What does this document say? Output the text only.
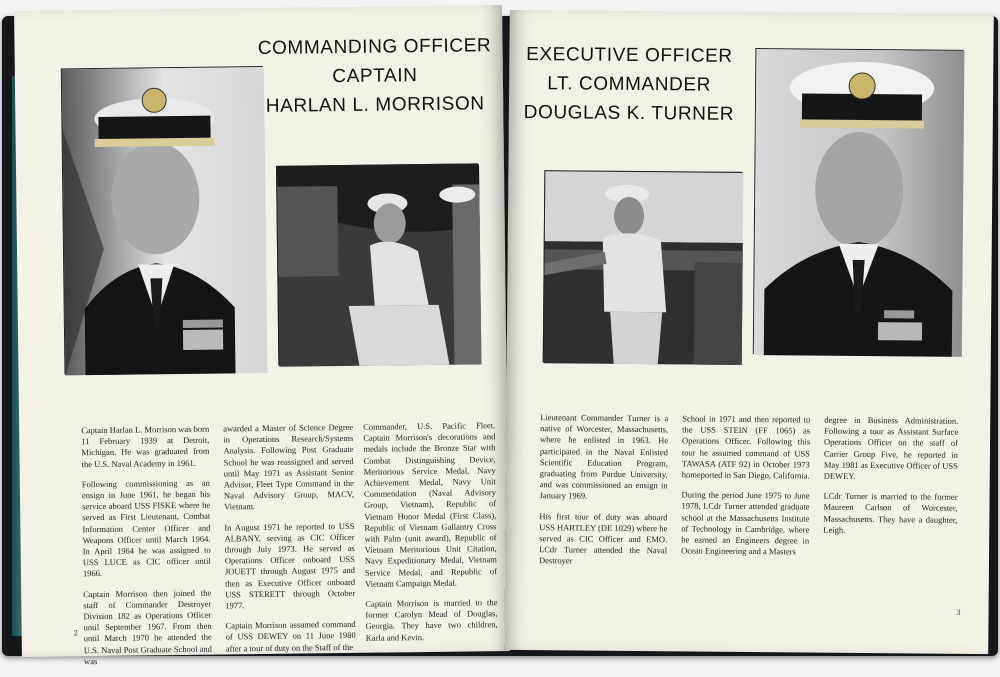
COMMANDING OFFICER
CAPTAIN
HARLAN L. MORRISON

Captain Harlan L. Morrison was born 11 February 1939 at Detroit, Michigan. He was graduated from the U.S. Naval Academy in 1961.

Following commissioning as an ensign in June 1961, he began his service aboard USS FISKE where he served as First Lieutenant, Combat Information Center Officer and Weapons Officer until March 1964. In April 1964 he was assigned to USS LUCE as CIC officer until 1966.

Captain Morrison then joined the staff of Commander Destroyer Division 182 as Operations Officer until September 1967. From then until March 1970 he attended the U.S. Naval Post Graduate School and was

awarded a Master of Science Degree in Operations Research/Systems Analysis. Following Post Graduate School he was reassigned and served until May 1971 as Assistant Senior Advisor, Fleet Type Command in the Naval Advisory Group, MACV, Vietnam.

In August 1971 he reported to USS ALBANY, serving as CIC Officer through July 1973. He served as Operations Officer onboard USS JOUETT through August 1975 and then as Executive Officer onboard USS STERETT through October 1977.

Captain Morrison assumed command of USS DEWEY on 11 June 1980 after a tour of duty on the Staff of the

Commander, U.S. Pacific Fleet. Captain Morrison's decorations and medals include the Bronze Star with Combat Distinguishing Device, Meritorious Service Medal, Navy Achievement Medal, Navy Unit Commendation (Naval Advisory Group, Vietnam), Republic of Vietnam Honor Medal (First Class), Republic of Vietnam Gallantry Cross with Palm (unit award), Republic of Vietnam Meritorious Unit Citation, Navy Expeditionary Medal, Vietnam Service Medal, and Republic of Vietnam Campaign Medal.

Captain Morrison is married to the former Carolyn Mead of Douglas, Georgia. They have two children, Karla and Kevin.

2
EXECUTIVE OFFICER
LT. COMMANDER
DOUGLAS K. TURNER

Lieutenant Commander Turner is a native of Worcester, Massachusetts, where he enlisted in 1963. He participated in the Naval Enlisted Scientific Education Program, graduating from Purdue University, and was commissioned an ensign in January 1969.

His first tour of duty was aboard USS HARTLEY (DE 1029) where he served as CIC Officer and EMO. LCdr Turner attended the Naval Destroyer

School in 1971 and then reported to the USS STEIN (FF 1065) as Operations Officer. Following this tour he assumed command of USS TAWASA (ATF 92) in October 1973 homeported in San Diego, California.

During the period June 1975 to June 1978, LCdr Turner attended graduate school at the Massachusetts Institute of Technology in Cambridge, where he earned an Engineers degree in Ocean Engineering and a Masters

degree in Business Administration. Following a tour as Assistant Surface Operations Officer on the staff of Carrier Group Five, he reported in May 1981 as Executive Officer of USS DEWEY.

LCdr Turner is married to the former Maureen Carlson of Worcester, Massachusetts. They have a daughter, Leigh.

3
